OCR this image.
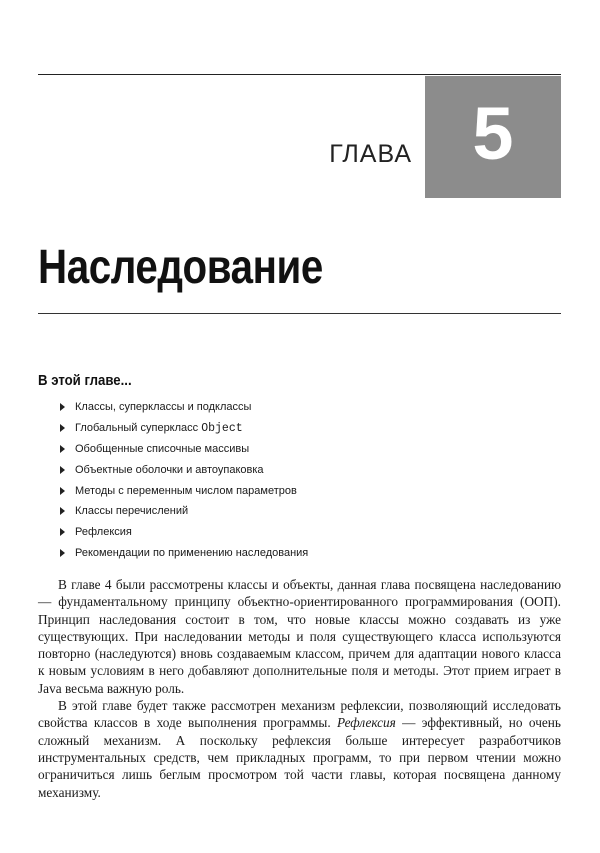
ГЛАВА 5
Наследование
В этой главе...
Классы, суперклассы и подклассы
Глобальный суперкласс Object
Обобщенные списочные массивы
Объектные оболочки и автоупаковка
Методы с переменным числом параметров
Классы перечислений
Рефлексия
Рекомендации по применению наследования

В главе 4 были рассмотрены классы и объекты, данная глава посвящена наследованию — фундаментальному принципу объектно-ориентированного программирования (ООП). Принцип наследования состоит в том, что новые классы можно создавать из уже существующих. При наследовании методы и поля существующего класса используются повторно (наследуются) вновь создаваемым классом, причем для адаптации нового класса к новым условиям в него добавляют дополнительные поля и методы. Этот прием играет в Java весьма важную роль.

В этой главе будет также рассмотрен механизм рефлексии, позволяющий исследовать свойства классов в ходе выполнения программы. Рефлексия — эффективный, но очень сложный механизм. А поскольку рефлексия больше интересует разработчиков инструментальных средств, чем прикладных программ, то при первом чтении можно ограничиться лишь беглым просмотром той части главы, которая посвящена данному механизму.
